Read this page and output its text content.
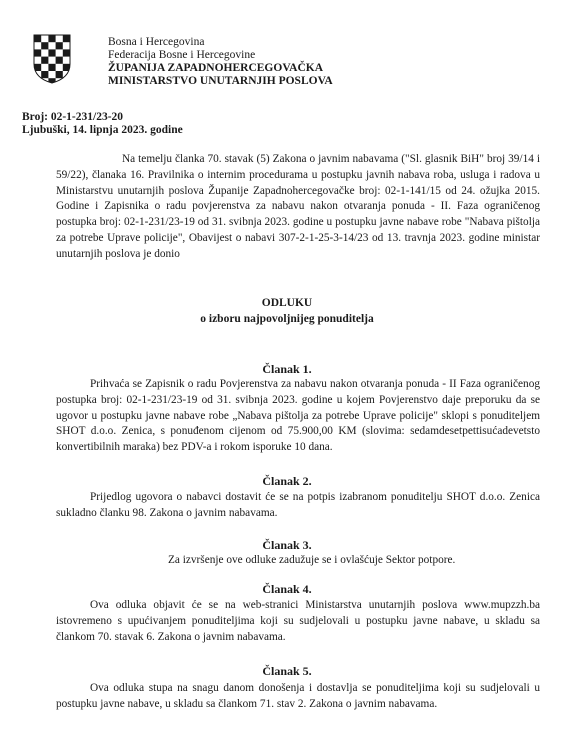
Bosna i Hercegovina
Federacija Bosne i Hercegovine
ŽUPANIJA ZAPADNOHERCEGOVAČKA
MINISTARSTVO UNUTARNJIH POSLOVA
Broj: 02-1-231/23-20
Ljubuški, 14. lipnja 2023. godine

Na temelju članka 70. stavak (5) Zakona o javnim nabavama ("Sl. glasnik BiH" broj 39/14 i 59/22), članaka 16. Pravilnika o internim procedurama u postupku javnih nabava roba, usluga i radova u Ministarstvu unutarnjih poslova Županije Zapadnohercegovačke broj: 02-1-141/15 od 24. ožujka 2015. Godine i Zapisnika o radu povjerenstva za nabavu nakon otvaranja ponuda - II. Faza ograničenog postupka broj: 02-1-231/23-19 od 31. svibnja 2023. godine u postupku javne nabave robe "Nabava pištolja za potrebe Uprave policije", Obavijest o nabavi 307-2-1-25-3-14/23 od 13. travnja 2023. godine ministar unutarnjih poslova je donio

ODLUKU
o izboru najpovoljnijeg ponuditelja
Članak 1.

Prihvaća se Zapisnik o radu Povjerenstva za nabavu nakon otvaranja ponuda - II Faza ograničenog postupka broj: 02-1-231/23-19 od 31. svibnja 2023. godine u kojem Povjerenstvo daje preporuku da se ugovor u postupku javne nabave robe „Nabava pištolja za potrebe Uprave policije" sklopi s ponuditeljem SHOT d.o.o. Zenica, s ponuđenom cijenom od 75.900,00 KM (slovima: sedamdesetpettisućadevetsto konvertibilnih maraka) bez PDV-a i rokom isporuke 10 dana.

Članak 2.

Prijedlog ugovora o nabavci dostavit će se na potpis izabranom ponuditelju SHOT d.o.o. Zenica sukladno članku 98. Zakona o javnim nabavama.

Članak 3.

Za izvršenje ove odluke zadužuje se i ovlašćuje Sektor potpore.

Članak 4.

Ova odluka objavit će se na web-stranici Ministarstva unutarnjih poslova www.mupzzh.ba istovremeno s upućivanjem ponuditeljima koji su sudjelovali u postupku javne nabave, u skladu sa člankom 70. stavak 6. Zakona o javnim nabavama.

Članak 5.

Ova odluka stupa na snagu danom donošenja i dostavlja se ponuditeljima koji su sudjelovali u postupku javne nabave, u skladu sa člankom 71. stav 2. Zakona o javnim nabavama.
